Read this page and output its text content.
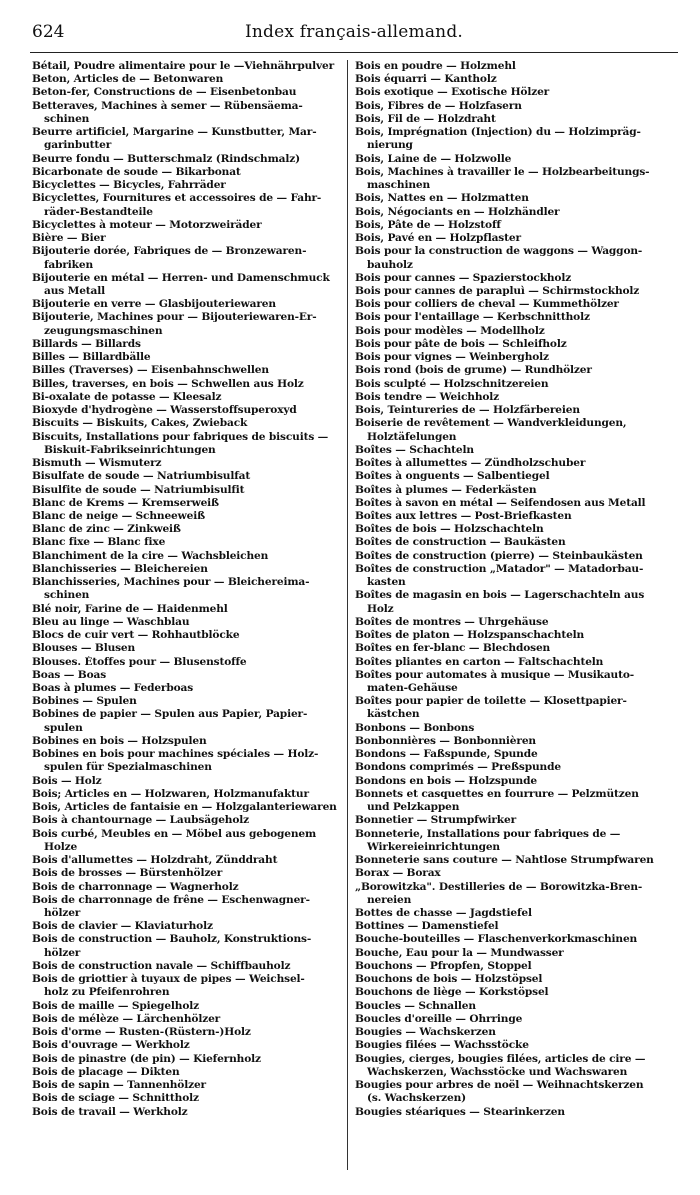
624	Index français-allemand.
Bétail, Poudre alimentaire pour le —Viehnährpulver
Beton, Articles de — Betonwaren
Beton-fer, Constructions de — Eisenbetonbau
Betteraves, Machines à semer — Rübensäema-
schinen
Beurre artificiel, Margarine — Kunstbutter, Mar-
garinbutter
Beurre fondu — Butterschmalz (Rindschmalz)
Bicarbonate de soude — Bikarbonat
Bicyclettes — Bicycles, Fahrräder
Bicyclettes, Fournitures et accessoires de — Fahr-
räder-Bestandteile
Bicyclettes à moteur — Motorzweiräder
Bière — Bier
Bijouterie dorée, Fabriques de — Bronzewaren-
fabriken
Bijouterie en métal — Herren- und Damenschmuck
aus Metall
Bijouterie en verre — Glasbijouteriewaren
Bijouterie, Machines pour — Bijouteriewaren-Er-
zeugungsmaschinen
Billards — Billards
Billes — Billardbälle
Billes (Traverses) — Eisenbahnschwellen
Billes, traverses, en bois — Schwellen aus Holz
Bi-oxalate de potasse — Kleesalz
Bioxyde d'hydrogène — Wasserstoffsuperoxyd
Biscuits — Biskuits, Cakes, Zwieback
Biscuits, Installations pour fabriques de biscuits —
Biskuit-Fabrikseinrichtungen
Bismuth — Wismuterz
Bisulfate de soude — Natriumbisulfat
Bisulfite de soude — Natriumbisulfit
Blanc de Krems — Kremserweiß
Blanc de neige — Schneeweiß
Blanc de zinc — Zinkweiß
Blanc fixe — Blanc fixe
Blanchiment de la cire — Wachsbleichen
Blanchisseries — Bleichereien
Blanchisseries, Machines pour — Bleichereima-
schinen
Blé noir, Farine de — Haidenmehl
Bleu au linge — Waschblau
Blocs de cuir vert — Rohhautblöcke
Blouses — Blusen
Blouses. Étoffes pour — Blusenstoffe
Boas — Boas
Boas à plumes — Federboas
Bobines — Spulen
Bobines de papier — Spulen aus Papier, Papier-
spulen
Bobines en bois — Holzspulen
Bobines en bois pour machines spéciales — Holz-
spulen für Spezialmaschinen
Bois — Holz
Bois; Articles en — Holzwaren, Holzmanufaktur
Bois, Articles de fantaisie en — Holzgalanteriewaren
Bois à chantournage — Laubsägeholz
Bois curbé, Meubles en — Möbel aus gebogenem
Holze
Bois d'allumettes — Holzdraht, Zünddraht
Bois de brosses — Bürstenhölzer
Bois de charronnage — Wagnerholz
Bois de charronnage de frêne — Eschenwagner-
hölzer
Bois de clavier — Klaviaturholz
Bois de construction — Bauholz, Konstruktions-
hölzer
Bois de construction navale — Schiffbauholz
Bois de griottier à tuyaux de pipes — Weichsel-
holz zu Pfeifenrohren
Bois de maille — Spiegelholz
Bois de mélèze — Lärchenhölzer
Bois d'orme — Rusten-(Rüstern-)Holz
Bois d'ouvrage — Werkholz
Bois de pinastre (de pin) — Kiefernholz
Bois de placage — Dikten
Bois de sapin — Tannenhölzer
Bois de sciage — Schnittholz
Bois de travail — Werkholz
Bois en poudre — Holzmehl
Bois équarri — Kantholz
Bois exotique — Exotische Hölzer
Bois, Fibres de — Holzfasern
Bois, Fil de — Holzdraht
Bois, Imprégnation (Injection) du — Holzimpräg-
nierung
Bois, Laine de — Holzwolle
Bois, Machines à travailler le — Holzbearbeitungs-
maschinen
Bois, Nattes en — Holzmatten
Bois, Négociants en — Holzhändler
Bois, Pâte de — Holzstoff
Bois, Pavé en — Holzpflaster
Bois pour la construction de waggons — Waggon-
bauholz
Bois pour cannes — Spazierstockholz
Bois pour cannes de parapluì — Schirmstockholz
Bois pour colliers de cheval — Kummethölzer
Bois pour l'entaillage — Kerbschnittholz
Bois pour modèles — Modellholz
Bois pour pâte de bois — Schleifholz
Bois pour vignes — Weinbergholz
Bois rond (bois de grume) — Rundhölzer
Bois sculpté — Holzschnitzereien
Bois tendre — Weichholz
Bois, Teintureries de — Holzfärbereien
Boiserie de revêtement — Wandverkleidungen,
Holztäfelungen
Boîtes — Schachteln
Boîtes à allumettes — Zündholzschuber
Boîtes à onguents — Salbentiegel
Boîtes à plumes — Federkästen
Boîtes à savon en métal — Seifendosen aus Metall
Boîtes aux lettres — Post-Briefkasten
Boîtes de bois — Holzschachteln
Boîtes de construction — Baukästen
Boîtes de construction (pierre) — Steinbaukästen
Boîtes de construction „Matador" — Matadorbau-
kasten
Boîtes de magasin en bois — Lagerschachteln aus
Holz
Boîtes de montres — Uhrgehäuse
Boîtes de platon — Holzspanschachteln
Boîtes en fer-blanc — Blechdosen
Boîtes pliantes en carton — Faltschachteln
Boîtes pour automates à musique — Musikauto-
maten-Gehäuse
Boîtes pour papier de toilette — Klosettpapier-
kästchen
Bonbons — Bonbons
Bonbonnières — Bonbonnièren
Bondons — Faßspunde, Spunde
Bondons comprimés — Preßspunde
Bondons en bois — Holzspunde
Bonnets et casquettes en fourrure — Pelzmützen
und Pelzkappen
Bonnetier — Strumpfwirker
Bonneterie, Installations pour fabriques de —
Wirkereieinrichtungen
Bonneterie sans couture — Nahtlose Strumpfwaren
Borax — Borax
„Borowitzka". Destilleries de — Borowitzka-Bren-
nereien
Bottes de chasse — Jagdstiefel
Bottines — Damenstiefel
Bouche-bouteilles — Flaschenverkorkmaschinen
Bouche, Eau pour la — Mundwasser
Bouchons — Pfropfen, Stoppel
Bouchons de bois — Holzstöpsel
Bouchons de liège — Korkstöpsel
Boucles — Schnallen
Boucles d'oreille — Ohrringe
Bougies — Wachskerzen
Bougies filées — Wachsstöcke
Bougies, cierges, bougies filées, articles de cire —
Wachskerzen, Wachsstöcke und Wachswaren
Bougies pour arbres de noël — Weihnachtskerzen
(s. Wachskerzen)
Bougies stéariques — Stearinkerzen
